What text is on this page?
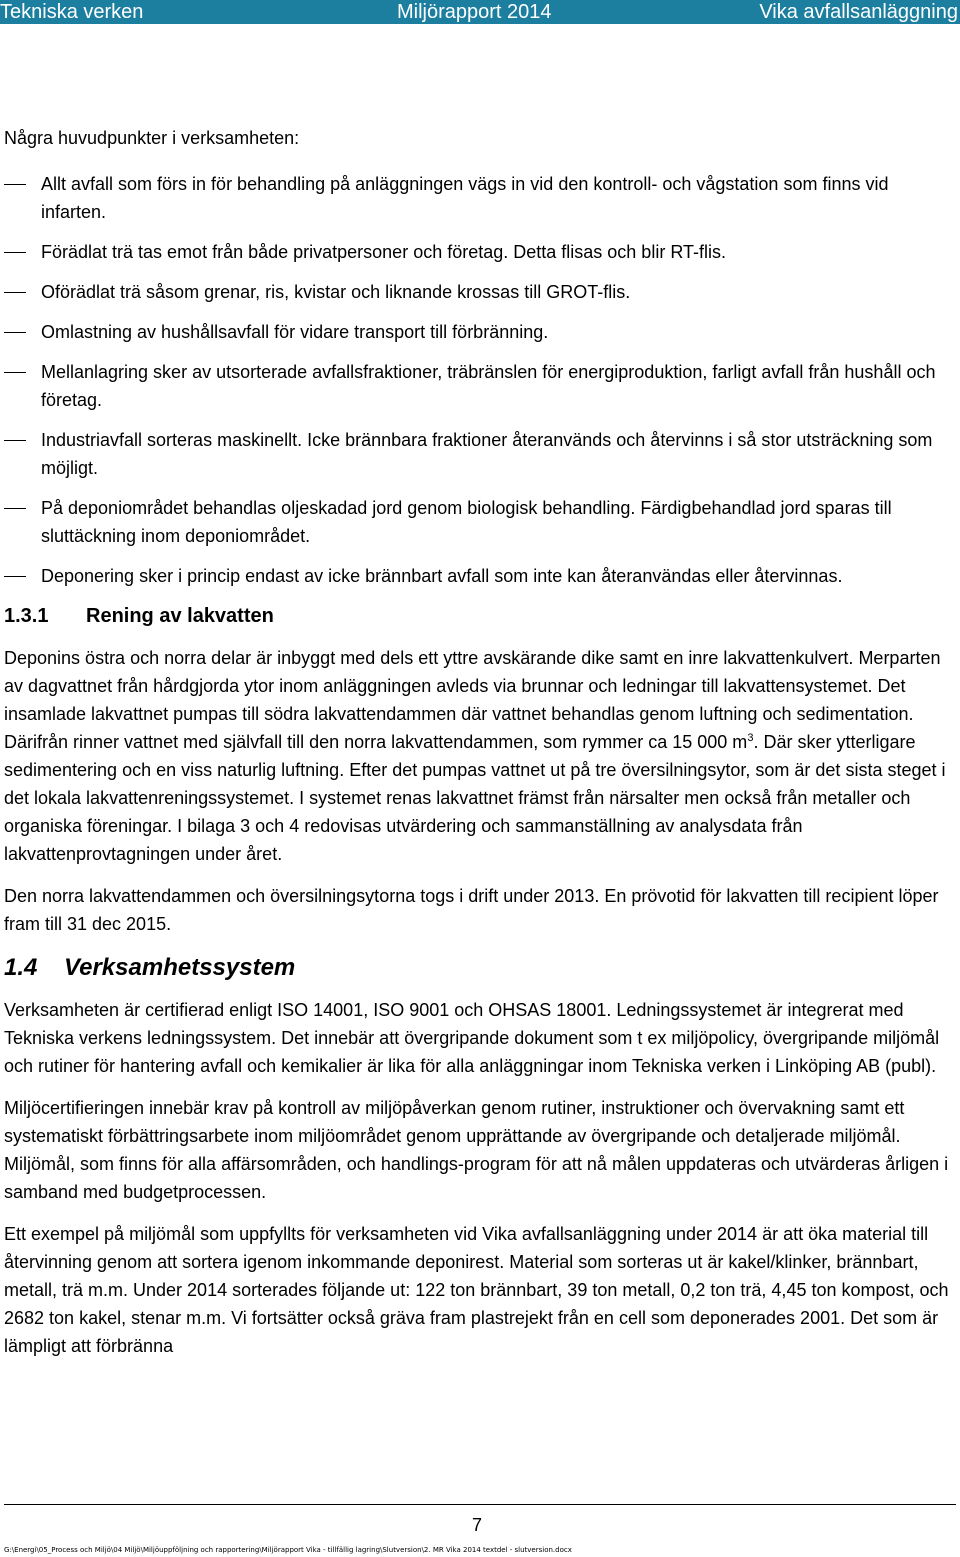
Tekniska verken	Miljörapport 2014	Vika avfallsanläggning

Några huvudpunkter i verksamheten:

Allt avfall som förs in för behandling på anläggningen vägs in vid den kontroll- och vågstation som finns vid infarten.
Förädlat trä tas emot från både privatpersoner och företag. Detta flisas och blir RT-flis.
Oförädlat trä såsom grenar, ris, kvistar och liknande krossas till GROT-flis.
Omlastning av hushållsavfall för vidare transport till förbränning.
Mellanlagring sker av utsorterade avfallsfraktioner, träbränslen för energiproduktion, farligt avfall från hushåll och företag.
Industriavfall sorteras maskinellt. Icke brännbara fraktioner återanvänds och återvinns i så stor utsträckning som möjligt.
På deponiområdet behandlas oljeskadad jord genom biologisk behandling. Färdigbehandlad jord sparas till sluttäckning inom deponiområdet.
Deponering sker i princip endast av icke brännbart avfall som inte kan återanvändas eller återvinnas.
1.3.1 Rening av lakvatten

Deponins östra och norra delar är inbyggt med dels ett yttre avskärande dike samt en inre lakvattenkulvert. Merparten av dagvattnet från hårdgjorda ytor inom anläggningen avleds via brunnar och ledningar till lakvattensystemet. Det insamlade lakvattnet pumpas till södra lakvattendammen där vattnet behandlas genom luftning och sedimentation. Därifrån rinner vattnet med självfall till den norra lakvattendammen, som rymmer ca 15 000 $m^3$. Där sker ytterligare sedimentering och en viss naturlig luftning. Efter det pumpas vattnet ut på tre översilningsytor, som är det sista steget i det lokala lakvattenreningssystemet. I systemet renas lakvattnet främst från närsalter men också från metaller och organiska föreningar. I bilaga 3 och 4 redovisas utvärdering och sammanställning av analysdata från lakvattenprovtagningen under året.

Den norra lakvattendammen och översilningsytorna togs i drift under 2013. En prövotid för lakvatten till recipient löper fram till 31 dec 2015.

1.4 Verksamhetssystem

Verksamheten är certifierad enligt ISO 14001, ISO 9001 och OHSAS 18001. Ledningssystemet är integrerat med Tekniska verkens ledningssystem. Det innebär att övergripande dokument som t ex miljöpolicy, övergripande miljömål och rutiner för hantering avfall och kemikalier är lika för alla anläggningar inom Tekniska verken i Linköping AB (publ).

Miljöcertifieringen innebär krav på kontroll av miljöpåverkan genom rutiner, instruktioner och övervakning samt ett systematiskt förbättringsarbete inom miljöområdet genom upprättande av övergripande och detaljerade miljömål. Miljömål, som finns för alla affärsområden, och handlings-program för att nå målen uppdateras och utvärderas årligen i samband med budgetprocessen.

Ett exempel på miljömål som uppfyllts för verksamheten vid Vika avfallsanläggning under 2014 är att öka material till återvinning genom att sortera igenom inkommande deponirest. Material som sorteras ut är kakel/klinker, brännbart, metall, trä m.m. Under 2014 sorterades följande ut: 122 ton brännbart, 39 ton metall, 0,2 ton trä, 4,45 ton kompost, och 2682 ton kakel, stenar m.m. Vi fortsätter också gräva fram plastrejekt från en cell som deponerades 2001. Det som är lämpligt att förbränna

7
G:\Energi\05_Process och Miljö\04 Miljö\Miljöuppföljning och rapportering\Miljörapport Vika - tillfällig lagring\Slutversion\2. MR Vika 2014 textdel - slutversion.docx
